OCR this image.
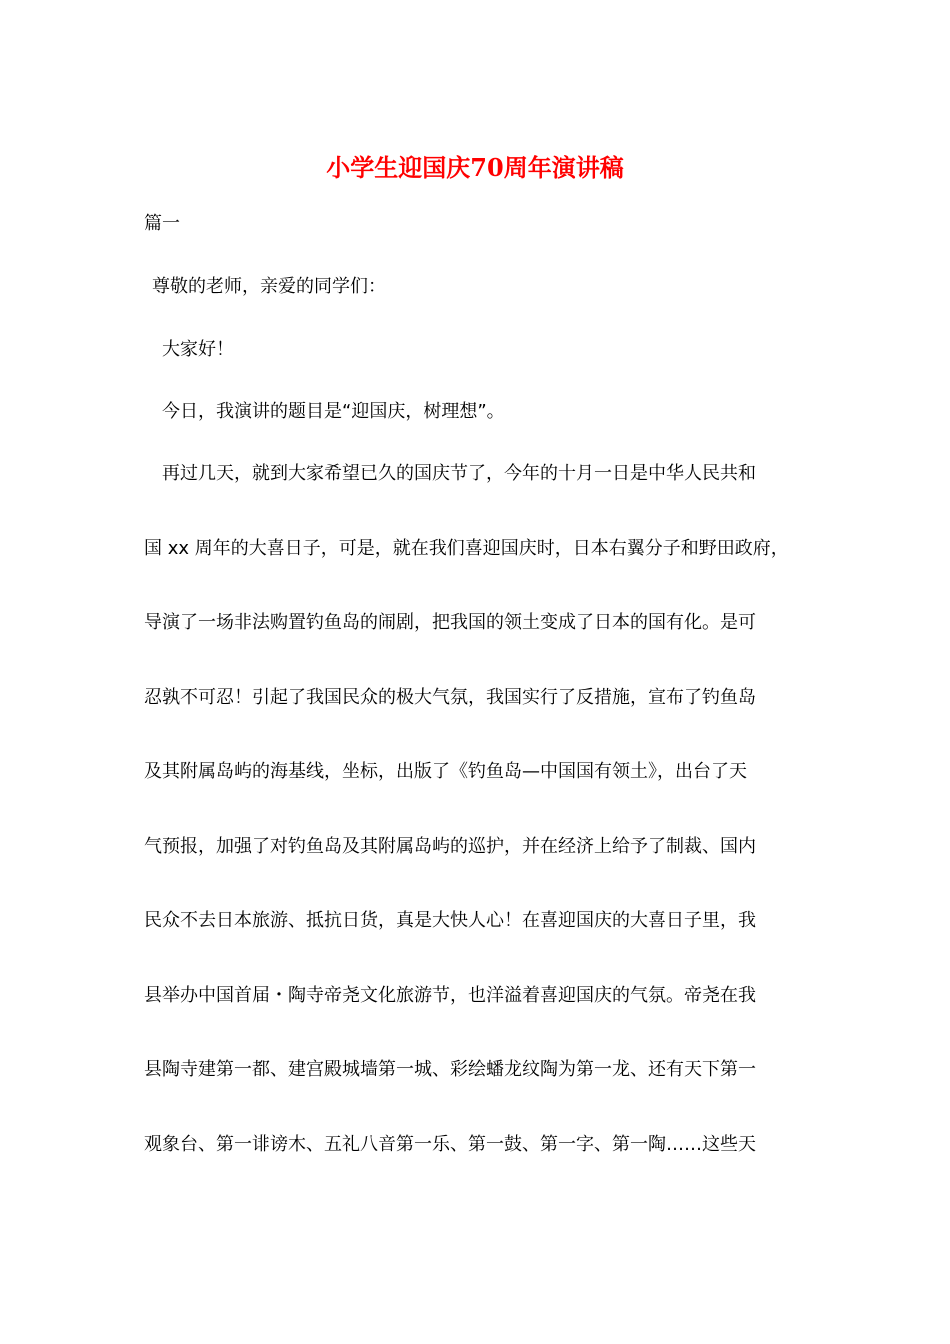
小学生迎国庆70周年演讲稿

篇一

尊敬的老师，亲爱的同学们：

大家好！

今日，我演讲的题目是“迎国庆，树理想”。

再过几天，就到大家希望已久的国庆节了，今年的十月一日是中华人民共和

国 xx 周年的大喜日子，可是，就在我们喜迎国庆时，日本右翼分子和野田政府，

导演了一场非法购置钓鱼岛的闹剧，把我国的领土变成了日本的国有化。是可

忍孰不可忍！引起了我国民众的极大气氛，我国实行了反措施，宣布了钓鱼岛

及其附属岛屿的海基线，坐标，出版了《钓鱼岛—中国国有领土》，出台了天

气预报，加强了对钓鱼岛及其附属岛屿的巡护，并在经济上给予了制裁、国内

民众不去日本旅游、抵抗日货，真是大快人心！在喜迎国庆的大喜日子里，我

县举办中国首届・陶寺帝尧文化旅游节，也洋溢着喜迎国庆的气氛。帝尧在我

县陶寺建第一都、建宫殿城墙第一城、彩绘蟠龙纹陶为第一龙、还有天下第一

观象台、第一诽谤木、五礼八音第一乐、第一鼓、第一字、第一陶……这些天
